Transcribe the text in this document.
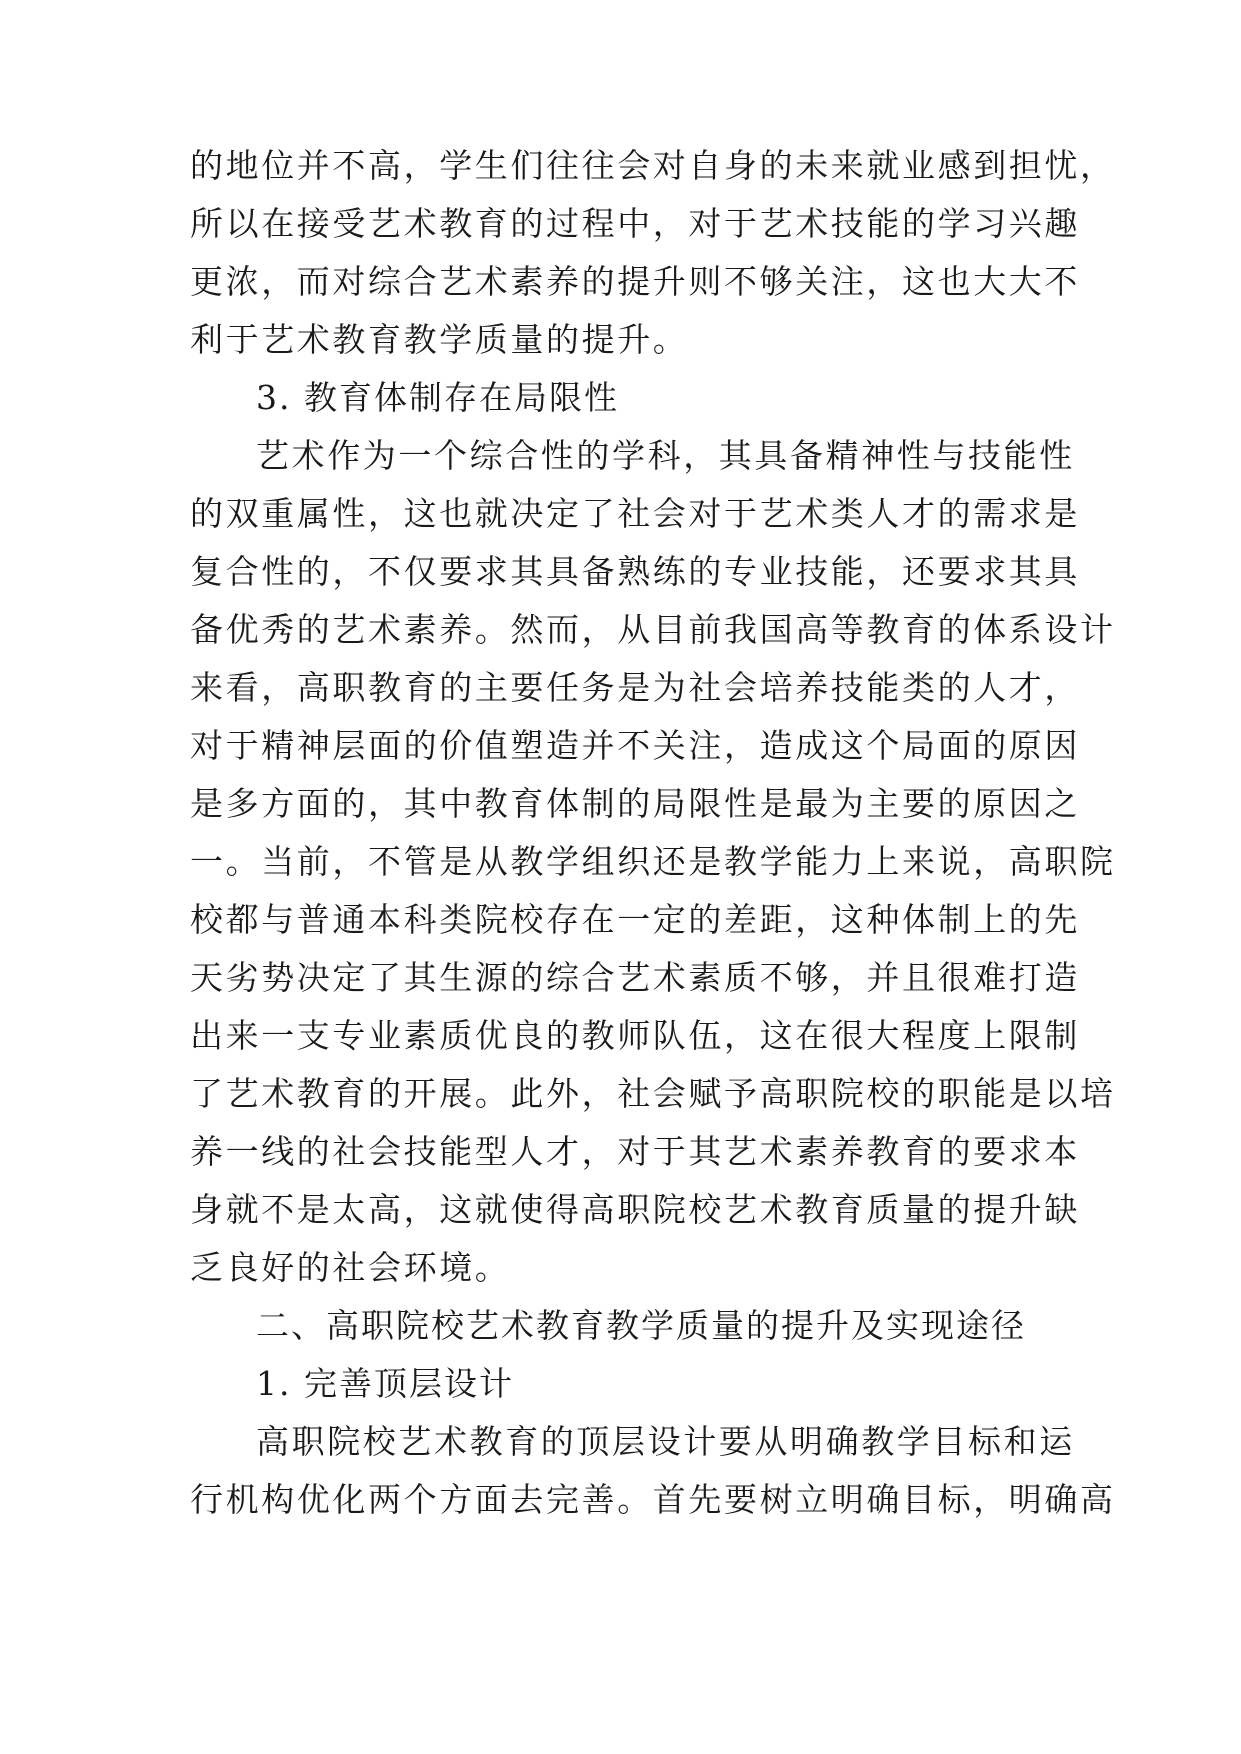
的地位并不高，学生们往往会对自身的未来就业感到担忧，
所以在接受艺术教育的过程中，对于艺术技能的学习兴趣
更浓，而对综合艺术素养的提升则不够关注，这也大大不
利于艺术教育教学质量的提升。
3. 教育体制存在局限性
艺术作为一个综合性的学科，其具备精神性与技能性
的双重属性，这也就决定了社会对于艺术类人才的需求是
复合性的，不仅要求其具备熟练的专业技能，还要求其具
备优秀的艺术素养。然而，从目前我国高等教育的体系设计
来看，高职教育的主要任务是为社会培养技能类的人才，
对于精神层面的价值塑造并不关注，造成这个局面的原因
是多方面的，其中教育体制的局限性是最为主要的原因之
一。当前，不管是从教学组织还是教学能力上来说，高职院
校都与普通本科类院校存在一定的差距，这种体制上的先
天劣势决定了其生源的综合艺术素质不够，并且很难打造
出来一支专业素质优良的教师队伍，这在很大程度上限制
了艺术教育的开展。此外，社会赋予高职院校的职能是以培
养一线的社会技能型人才，对于其艺术素养教育的要求本
身就不是太高，这就使得高职院校艺术教育质量的提升缺
乏良好的社会环境。
二、高职院校艺术教育教学质量的提升及实现途径
1. 完善顶层设计
高职院校艺术教育的顶层设计要从明确教学目标和运
行机构优化两个方面去完善。首先要树立明确目标，明确高
